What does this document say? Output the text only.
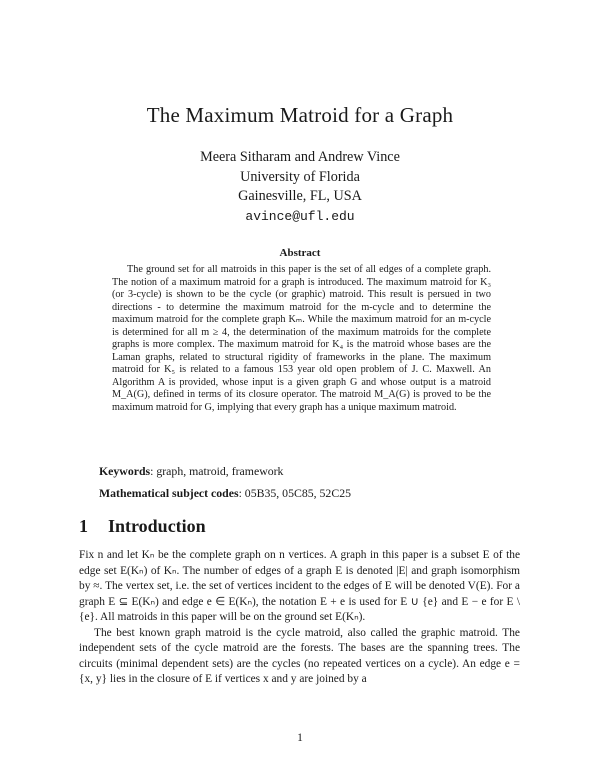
The Maximum Matroid for a Graph
Meera Sitharam and Andrew Vince
University of Florida
Gainesville, FL, USA
avince@ufl.edu
Abstract

The ground set for all matroids in this paper is the set of all edges of a complete graph. The notion of a maximum matroid for a graph is introduced. The maximum matroid for K₃ (or 3-cycle) is shown to be the cycle (or graphic) matroid. This result is persued in two directions - to determine the maximum matroid for the m-cycle and to determine the maximum matroid for the complete graph Kₘ. While the maximum matroid for an m-cycle is determined for all m ≥ 4, the determination of the maximum matroids for the complete graphs is more complex. The maximum matroid for K₄ is the matroid whose bases are the Laman graphs, related to structural rigidity of frameworks in the plane. The maximum matroid for K₅ is related to a famous 153 year old open problem of J. C. Maxwell. An Algorithm A is provided, whose input is a given graph G and whose output is a matroid M_A(G), defined in terms of its closure operator. The matroid M_A(G) is proved to be the maximum matroid for G, implying that every graph has a unique maximum matroid.

Keywords: graph, matroid, framework

Mathematical subject codes: 05B35, 05C85, 52C25

1 Introduction

Fix n and let Kₙ be the complete graph on n vertices. A graph in this paper is a subset E of the edge set E(Kₙ) of Kₙ. The number of edges of a graph E is denoted |E| and graph isomorphism by ≈. The vertex set, i.e. the set of vertices incident to the edges of E will be denoted V(E). For a graph E ⊆ E(Kₙ) and edge e ∈ E(Kₙ), the notation E + e is used for E ∪ {e} and E − e for E \ {e}. All matroids in this paper will be on the ground set E(Kₙ).

The best known graph matroid is the cycle matroid, also called the graphic matroid. The independent sets of the cycle matroid are the forests. The bases are the spanning trees. The circuits (minimal dependent sets) are the cycles (no repeated vertices on a cycle). An edge e = {x, y} lies in the closure of E if vertices x and y are joined by a

1
